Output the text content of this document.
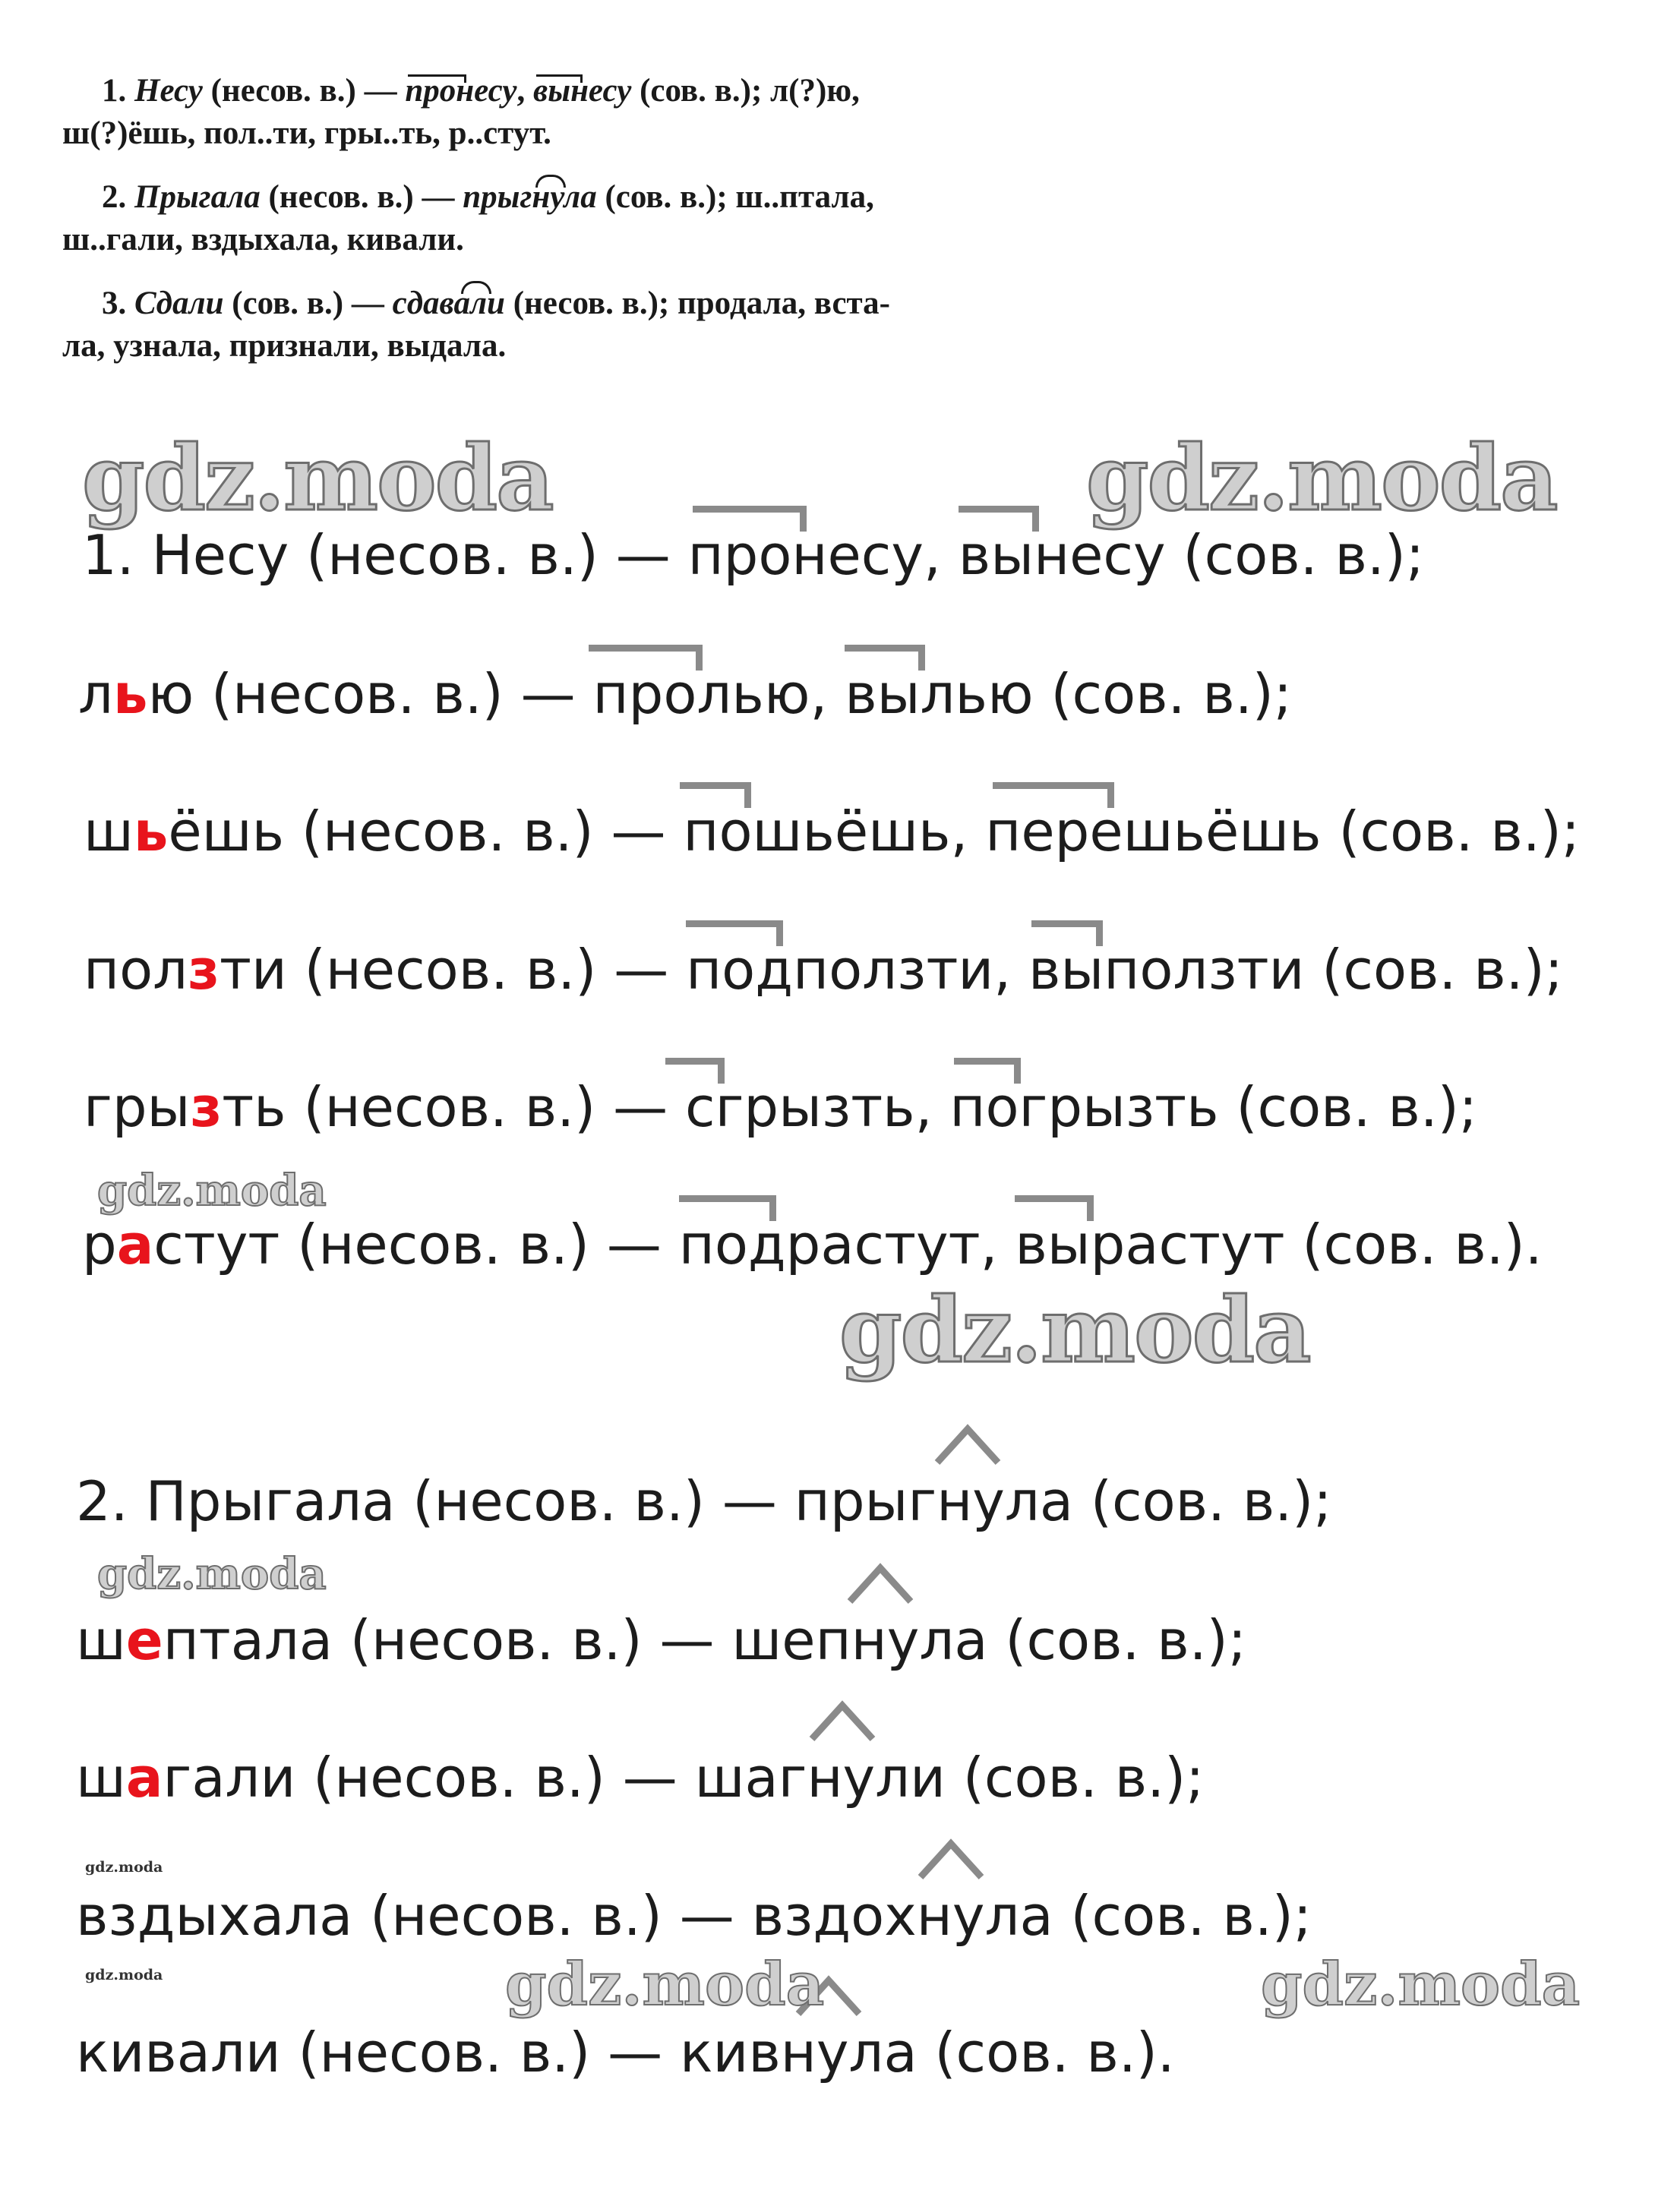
1. Несу (несов. в.) — пронесу
, вынесу
(сов. в.); л(?)ю,
ш(?)ёшь, пол..ти, гры..ть, р..стут.
2. Прыгала (несов. в.) — прыгнула
(сов. в.); ш..птала,
ш..гали, вздыхала, кивали.
3. Сдали (сов. в.) — сдавали
(несов. в.); продала, вста-
ла, узнала, признали, выдала.
1. Несу (несов. в.) —
пронесу,
вынесу (сов. в.);
лью (несов. в.) —
пролью,
вылью (сов. в.);
шьёшь (несов. в.) —
пошьёшь,
перешьёшь (сов. в.);
ползти (несов. в.) —
подползти,
выползти (сов. в.);
грызть (несов. в.) —
сгрызть,
погрызть (сов. в.);
растут (несов. в.) —
подрастут,
вырастут (сов. в.).
2. Прыгала (несов. в.) —
прыгнула (сов. в.);
шептала (несов. в.) —
шепнула (сов. в.);
шагали (несов. в.) —
шагнули (сов. в.);
вздыхала (несов. в.) —
вздохнула (сов. в.);
кивали (несов. в.) —
кивнула (сов. в.).
gdz.moda	gdz.moda
gdz.moda
gdz.moda
gdz.moda
gdz.moda
gdz.moda	gdz.moda	gdz.moda
